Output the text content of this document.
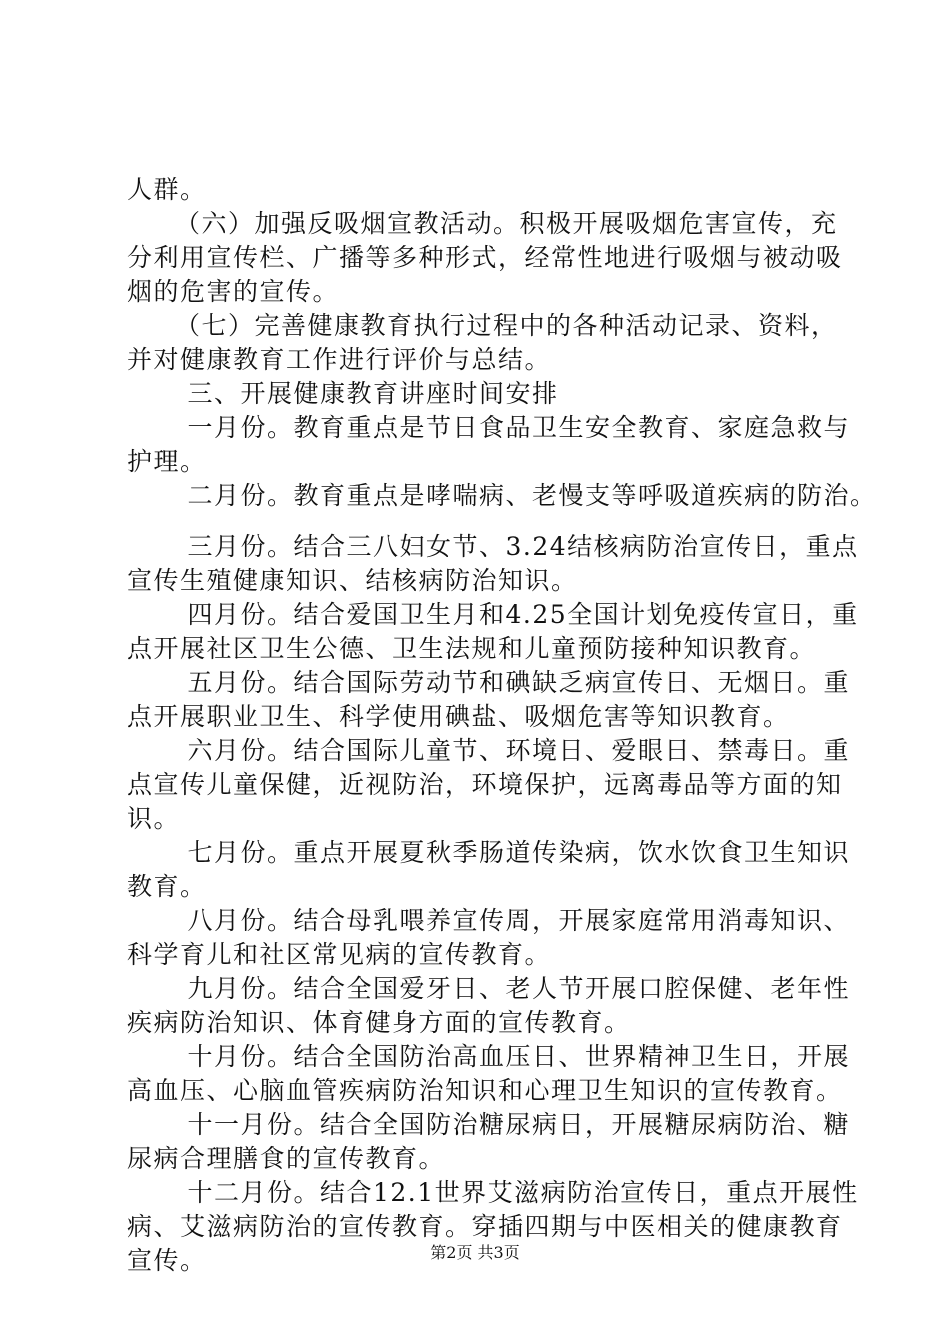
人群。
　（六）加强反吸烟宣教活动。积极开展吸烟危害宣传，充
分利用宣传栏、广播等多种形式，经常性地进行吸烟与被动吸
烟的危害的宣传。
　（七）完善健康教育执行过程中的各种活动记录、资料，
并对健康教育工作进行评价与总结。
　三、开展健康教育讲座时间安排
　一月份。教育重点是节日食品卫生安全教育、家庭急救与
护理。
　二月份。教育重点是哮喘病、老慢支等呼吸道疾病的防治。
　三月份。结合三八妇女节、3.24结核病防治宣传日，重点
宣传生殖健康知识、结核病防治知识。
　四月份。结合爱国卫生月和4.25全国计划免疫传宣日，重
点开展社区卫生公德、卫生法规和儿童预防接种知识教育。
　五月份。结合国际劳动节和碘缺乏病宣传日、无烟日。重
点开展职业卫生、科学使用碘盐、吸烟危害等知识教育。
　六月份。结合国际儿童节、环境日、爱眼日、禁毒日。重
点宣传儿童保健，近视防治，环境保护，远离毒品等方面的知
识。
　七月份。重点开展夏秋季肠道传染病，饮水饮食卫生知识
教育。
　八月份。结合母乳喂养宣传周，开展家庭常用消毒知识、
科学育儿和社区常见病的宣传教育。
　九月份。结合全国爱牙日、老人节开展口腔保健、老年性
疾病防治知识、体育健身方面的宣传教育。
　十月份。结合全国防治高血压日、世界精神卫生日，开展
高血压、心脑血管疾病防治知识和心理卫生知识的宣传教育。
　十一月份。结合全国防治糖尿病日，开展糖尿病防治、糖
尿病合理膳食的宣传教育。
　十二月份。结合12.1世界艾滋病防治宣传日，重点开展性
病、艾滋病防治的宣传教育。穿插四期与中医相关的健康教育
宣传。	第2页 共3页
